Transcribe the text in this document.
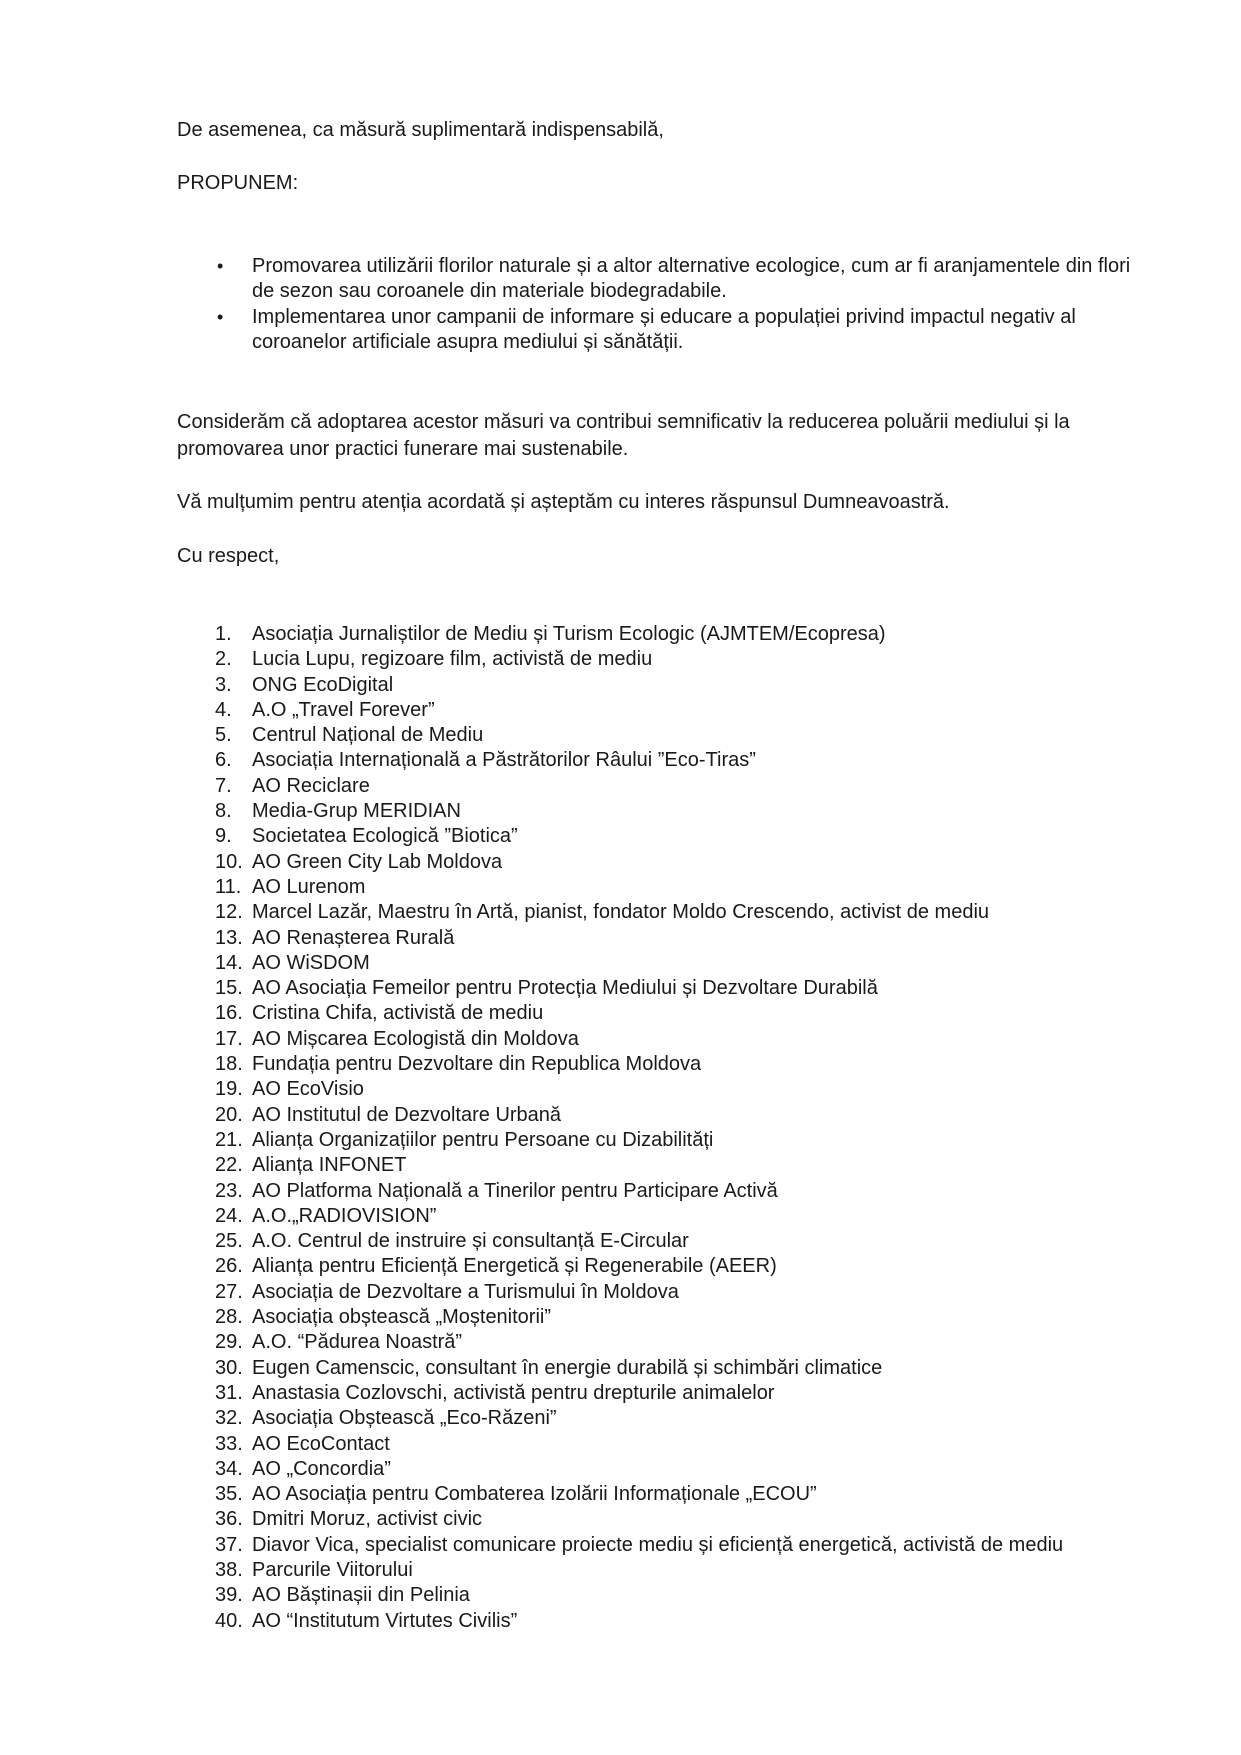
De asemenea, ca măsură suplimentară indispensabilă,

PROPUNEM:

• Promovarea utilizării florilor naturale și a altor alternative ecologice, cum ar fi aranjamentele din flori de sezon sau coroanele din materiale biodegradabile.
• Implementarea unor campanii de informare și educare a populației privind impactul negativ al coroanelor artificiale asupra mediului și sănătății.

Considerăm că adoptarea acestor măsuri va contribui semnificativ la reducerea poluării mediului și la promovarea unor practici funerare mai sustenabile.

Vă mulțumim pentru atenția acordată și așteptăm cu interes răspunsul Dumneavoastră.

Cu respect,

1. Asociația Jurnaliștilor de Mediu și Turism Ecologic (AJMTEM/Ecopresa)
2. Lucia Lupu, regizoare film, activistă de mediu
3. ONG EcoDigital
4. A.O „Travel Forever”
5. Centrul Național de Mediu
6. Asociația Internațională a Păstrătorilor Râului ”Eco-Tiras”
7. AO Reciclare
8. Media-Grup MERIDIAN
9. Societatea Ecologică ”Biotica”
10. AO Green City Lab Moldova
11. AO Lurenom
12. Marcel Lazăr, Maestru în Artă, pianist, fondator Moldo Crescendo, activist de mediu
13. AO Renașterea Rurală
14. AO WiSDOM
15. AO Asociația Femeilor pentru Protecția Mediului și Dezvoltare Durabilă
16. Cristina Chifa, activistă de mediu
17. AO Mișcarea Ecologistă din Moldova
18. Fundația pentru Dezvoltare din Republica Moldova
19. AO EcoVisio
20. AO Institutul de Dezvoltare Urbană
21. Alianța Organizațiilor pentru Persoane cu Dizabilități
22. Alianța INFONET
23. AO Platforma Națională a Tinerilor pentru Participare Activă
24. A.O.„RADIOVISION”
25. A.O. Centrul de instruire și consultanță E-Circular
26. Alianța pentru Eficiență Energetică și Regenerabile (AEER)
27. Asociația de Dezvoltare a Turismului în Moldova
28. Asociația obștească „Moștenitorii”
29. A.O. “Pădurea Noastră”
30. Eugen Camenscic, consultant în energie durabilă și schimbări climatice
31. Anastasia Cozlovschi, activistă pentru drepturile animalelor
32. Asociația Obștească „Eco-Răzeni”
33. AO EcoContact
34. AO „Concordia”
35. AO Asociația pentru Combaterea Izolării Informaționale „ECOU”
36. Dmitri Moruz, activist civic
37. Diavor Vica, specialist comunicare proiecte mediu și eficiență energetică, activistă de mediu
38. Parcurile Viitorului
39. AO Băștinașii din Pelinia
40. AO “Institutum Virtutes Civilis”
